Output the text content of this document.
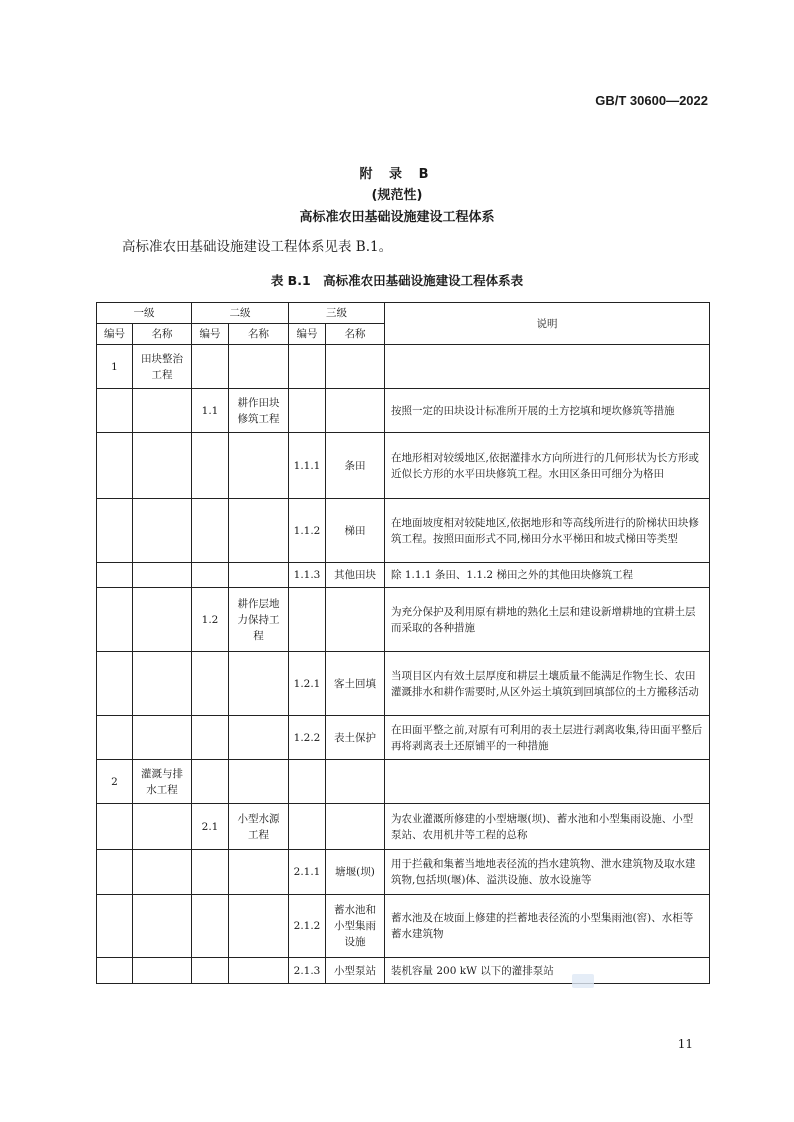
GB/T 30600—2022
附 录 B
(规范性)
高标准农田基础设施建设工程体系
高标准农田基础设施建设工程体系见表 B.1。
表 B.1　高标准农田基础设施建设工程体系表
一级		二级		三级		说明
编号	名称	编号	名称	编号	名称	
1	田块整治工程					
		1.1	耕作田块修筑工程			按照一定的田块设计标准所开展的土方挖填和埂坎修筑等措施
				1.1.1	条田	在地形相对较缓地区,依据灌排水方向所进行的几何形状为长方形或近似长方形的水平田块修筑工程。水田区条田可细分为格田
				1.1.2	梯田	在地面坡度相对较陡地区,依据地形和等高线所进行的阶梯状田块修筑工程。按照田面形式不同,梯田分水平梯田和坡式梯田等类型
				1.1.3	其他田块	除 1.1.1 条田、1.1.2 梯田之外的其他田块修筑工程
		1.2	耕作层地力保持工程			为充分保护及利用原有耕地的熟化土层和建设新增耕地的宜耕土层而采取的各种措施
				1.2.1	客土回填	当项目区内有效土层厚度和耕层土壤质量不能满足作物生长、农田灌溉排水和耕作需要时,从区外运土填筑到回填部位的土方搬移活动
				1.2.2	表土保护	在田面平整之前,对原有可利用的表土层进行剥离收集,待田面平整后再将剥离表土还原铺平的一种措施
2	灌溉与排水工程					
		2.1	小型水源工程			为农业灌溉所修建的小型塘堰(坝)、蓄水池和小型集雨设施、小型泵站、农用机井等工程的总称
				2.1.1	塘堰(坝)	用于拦截和集蓄当地地表径流的挡水建筑物、泄水建筑物及取水建筑物,包括坝(堰)体、溢洪设施、放水设施等
				2.1.2	蓄水池和小型集雨设施	蓄水池及在坡面上修建的拦蓄地表径流的小型集雨池(窖)、水柜等蓄水建筑物
				2.1.3	小型泵站	装机容量 200 kW 以下的灌排泵站
11
